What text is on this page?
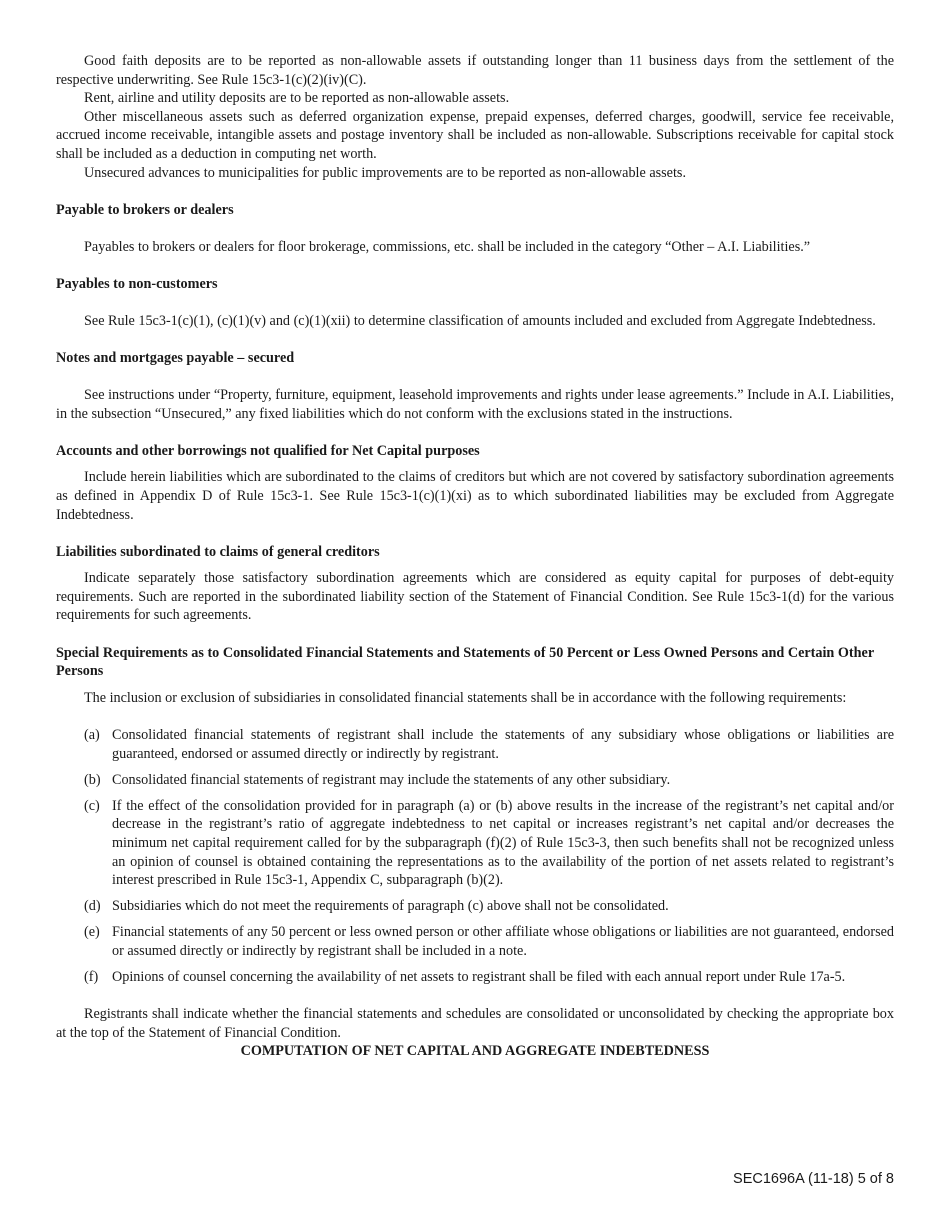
Good faith deposits are to be reported as non-allowable assets if outstanding longer than 11 business days from the settlement of the respective underwriting. See Rule 15c3-1(c)(2)(iv)(C).

Rent, airline and utility deposits are to be reported as non-allowable assets.

Other miscellaneous assets such as deferred organization expense, prepaid expenses, deferred charges, goodwill, service fee receivable, accrued income receivable, intangible assets and postage inventory shall be included as non-allowable. Subscriptions receivable for capital stock shall be included as a deduction in computing net worth.

Unsecured advances to municipalities for public improvements are to be reported as non-allowable assets.

Payable to brokers or dealers

Payables to brokers or dealers for floor brokerage, commissions, etc. shall be included in the category “Other – A.I. Liabilities.”

Payables to non-customers

See Rule 15c3-1(c)(1), (c)(1)(v) and (c)(1)(xii) to determine classification of amounts included and excluded from Aggregate Indebtedness.

Notes and mortgages payable – secured

See instructions under “Property, furniture, equipment, leasehold improvements and rights under lease agreements.” Include in A.I. Liabilities, in the subsection “Unsecured,” any fixed liabilities which do not conform with the exclusions stated in the instructions.

Accounts and other borrowings not qualified for Net Capital purposes

Include herein liabilities which are subordinated to the claims of creditors but which are not covered by satisfactory subordination agreements as defined in Appendix D of Rule 15c3-1. See Rule 15c3-1(c)(1)(xi) as to which subordinated liabilities may be excluded from Aggregate Indebtedness.

Liabilities subordinated to claims of general creditors

Indicate separately those satisfactory subordination agreements which are considered as equity capital for purposes of debt-equity requirements. Such are reported in the subordinated liability section of the Statement of Financial Condition. See Rule 15c3-1(d) for the various requirements for such agreements.

Special Requirements as to Consolidated Financial Statements and Statements of 50 Percent or Less Owned Persons and Certain Other Persons

The inclusion or exclusion of subsidiaries in consolidated financial statements shall be in accordance with the following requirements:

(a) Consolidated financial statements of registrant shall include the statements of any subsidiary whose obligations or liabilities are guaranteed, endorsed or assumed directly or indirectly by registrant.
(b) Consolidated financial statements of registrant may include the statements of any other subsidiary.
(c) If the effect of the consolidation provided for in paragraph (a) or (b) above results in the increase of the registrant’s net capital and/or decrease in the registrant’s ratio of aggregate indebtedness to net capital or increases registrant’s net capital and/or decreases the minimum net capital requirement called for by the subparagraph (f)(2) of Rule 15c3-3, then such benefits shall not be recognized unless an opinion of counsel is obtained containing the representations as to the availability of the portion of net assets related to registrant’s interest prescribed in Rule 15c3-1, Appendix C, subparagraph (b)(2).
(d) Subsidiaries which do not meet the requirements of paragraph (c) above shall not be consolidated.
(e) Financial statements of any 50 percent or less owned person or other affiliate whose obligations or liabilities are not guaranteed, endorsed or assumed directly or indirectly by registrant shall be included in a note.
(f) Opinions of counsel concerning the availability of net assets to registrant shall be filed with each annual report under Rule 17a-5.

Registrants shall indicate whether the financial statements and schedules are consolidated or unconsolidated by checking the appropriate box at the top of the Statement of Financial Condition.

COMPUTATION OF NET CAPITAL AND AGGREGATE INDEBTEDNESS

SEC1696A (11-18) 5 of 8
